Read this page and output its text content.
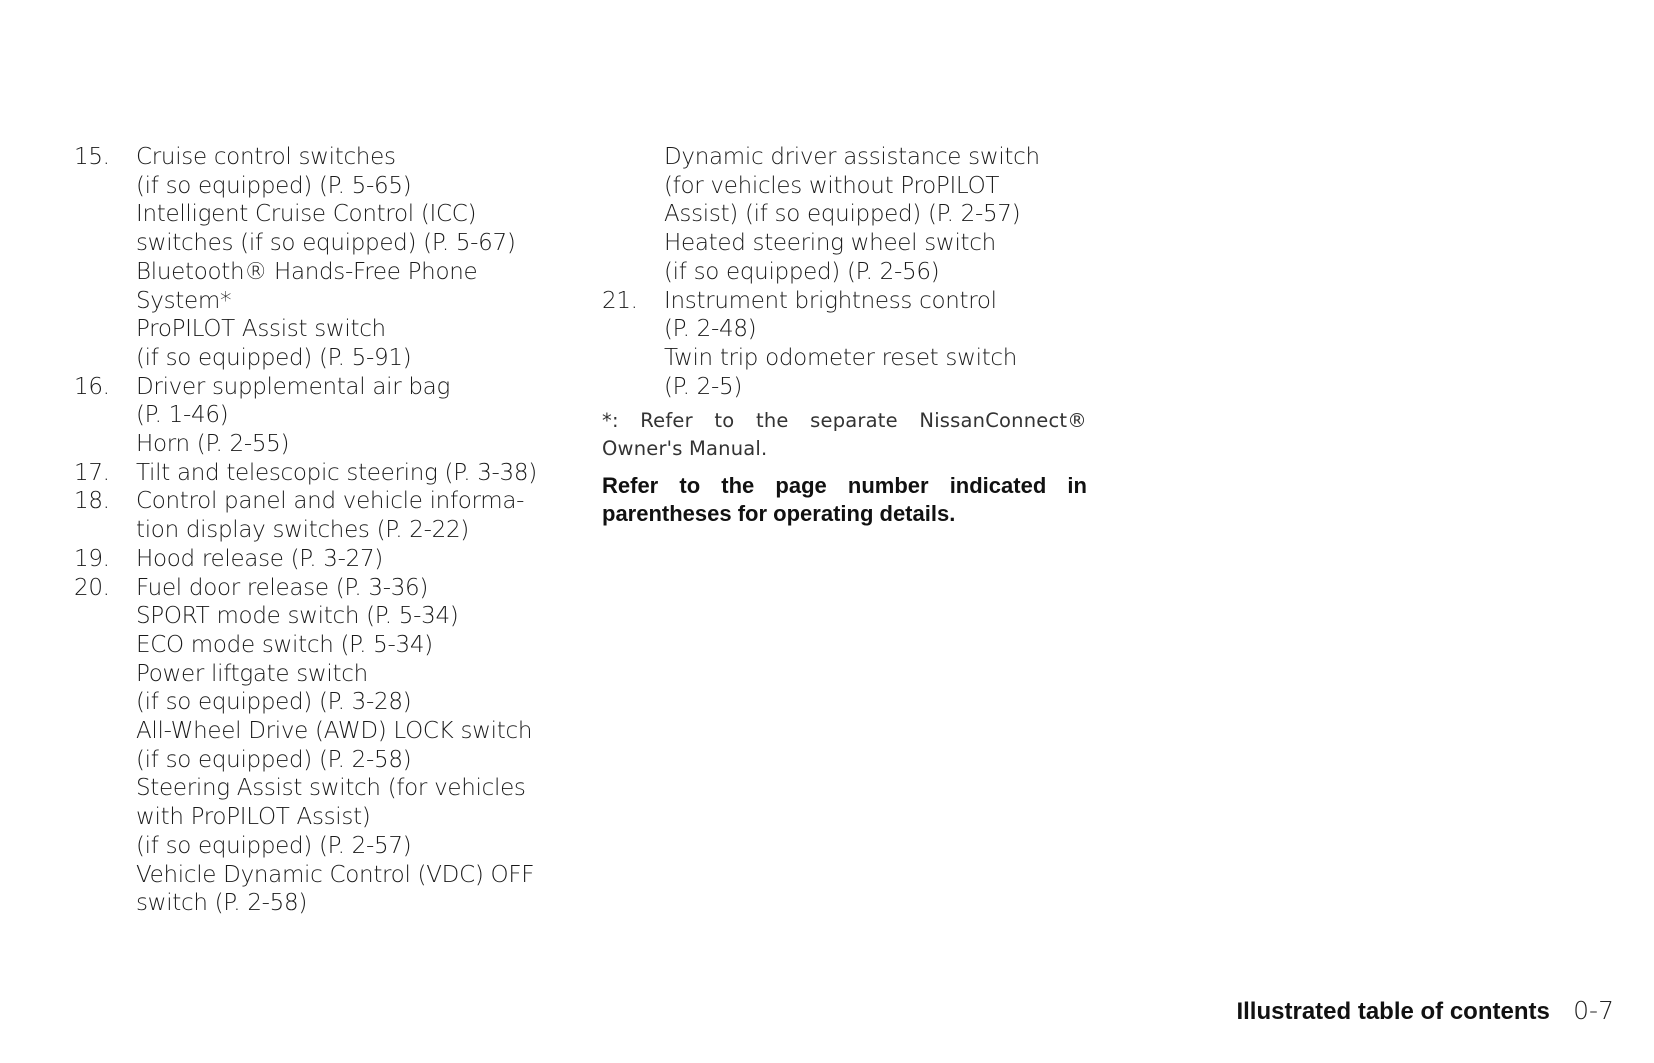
15.	Cruise control switches
(if so equipped) (P. 5-65)
Intelligent Cruise Control (ICC)
switches (if so equipped) (P. 5-67)
Bluetooth® Hands-Free Phone
System*
ProPILOT Assist switch
(if so equipped) (P. 5-91)
16.	Driver supplemental air bag
(P. 1-46)
Horn (P. 2-55)
17.	Tilt and telescopic steering (P. 3-38)
18.	Control panel and vehicle informa-
tion display switches (P. 2-22)
19.	Hood release (P. 3-27)
20.	Fuel door release (P. 3-36)
SPORT mode switch (P. 5-34)
ECO mode switch (P. 5-34)
Power liftgate switch
(if so equipped) (P. 3-28)
All-Wheel Drive (AWD) LOCK switch
(if so equipped) (P. 2-58)
Steering Assist switch (for vehicles
with ProPILOT Assist)
(if so equipped) (P. 2-57)
Vehicle Dynamic Control (VDC) OFF
switch (P. 2-58)
Dynamic driver assistance switch
(for vehicles without ProPILOT
Assist) (if so equipped) (P. 2-57)
Heated steering wheel switch
(if so equipped) (P. 2-56)
21.	Instrument brightness control
(P. 2-48)
Twin trip odometer reset switch
(P. 2-5)
*: Refer to the separate NissanConnect®
Owner's Manual.
Refer to the page number indicated in
parentheses for operating details.
Illustrated table of contents 0-7
